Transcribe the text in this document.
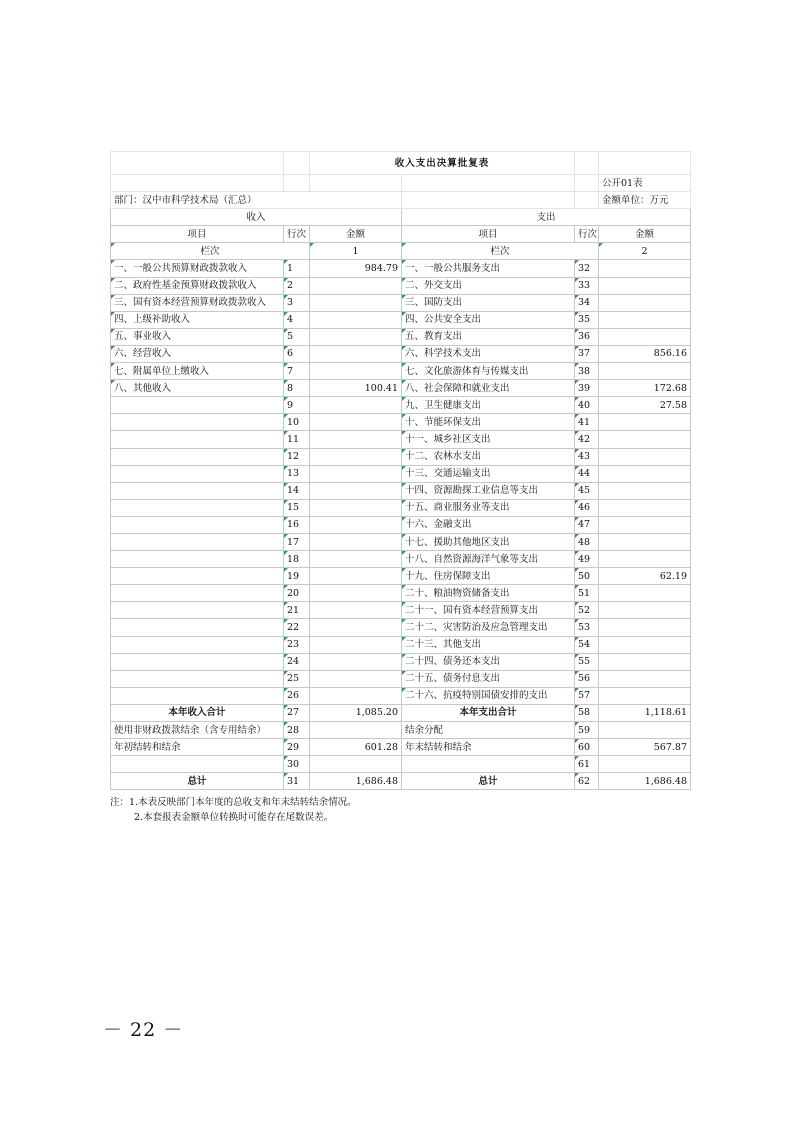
		收入支出决算批复表			
					公开01表
部门：汉中市科学技术局（汇总）					金额单位：万元
收入			支出		
项目	行次	金额	项目	行次	金额
栏次		1	栏次		2
一、一般公共预算财政拨款收入	1	984.79	一、一般公共服务支出	32	
二、政府性基金预算财政拨款收入	2		二、外交支出	33	
三、国有资本经营预算财政拨款收入	3		三、国防支出	34	
四、上级补助收入	4		四、公共安全支出	35	
五、事业收入	5		五、教育支出	36	
六、经营收入	6		六、科学技术支出	37	856.16
七、附属单位上缴收入	7		七、文化旅游体育与传媒支出	38	
八、其他收入	8	100.41	八、社会保障和就业支出	39	172.68
	9		九、卫生健康支出	40	27.58
	10		十、节能环保支出	41	
	11		十一、城乡社区支出	42	
	12		十二、农林水支出	43	
	13		十三、交通运输支出	44	
	14		十四、资源勘探工业信息等支出	45	
	15		十五、商业服务业等支出	46	
	16		十六、金融支出	47	
	17		十七、援助其他地区支出	48	
	18		十八、自然资源海洋气象等支出	49	
	19		十九、住房保障支出	50	62.19
	20		二十、粮油物资储备支出	51	
	21		二十一、国有资本经营预算支出	52	
	22		二十二、灾害防治及应急管理支出	53	
	23		二十三、其他支出	54	
	24		二十四、债务还本支出	55	
	25		二十五、债务付息支出	56	
	26		二十六、抗疫特别国债安排的支出	57	
本年收入合计	27	1,085.20	本年支出合计	58	1,118.61
使用非财政拨款结余（含专用结余）	28		结余分配	59	
年初结转和结余	29	601.28	年末结转和结余	60	567.87
	30			61	
总计	31	1,686.48	总计	62	1,686.48
注：1.本表反映部门本年度的总收支和年末结转结余情况。
2.本套报表金额单位转换时可能存在尾数误差。
－ 22 －
